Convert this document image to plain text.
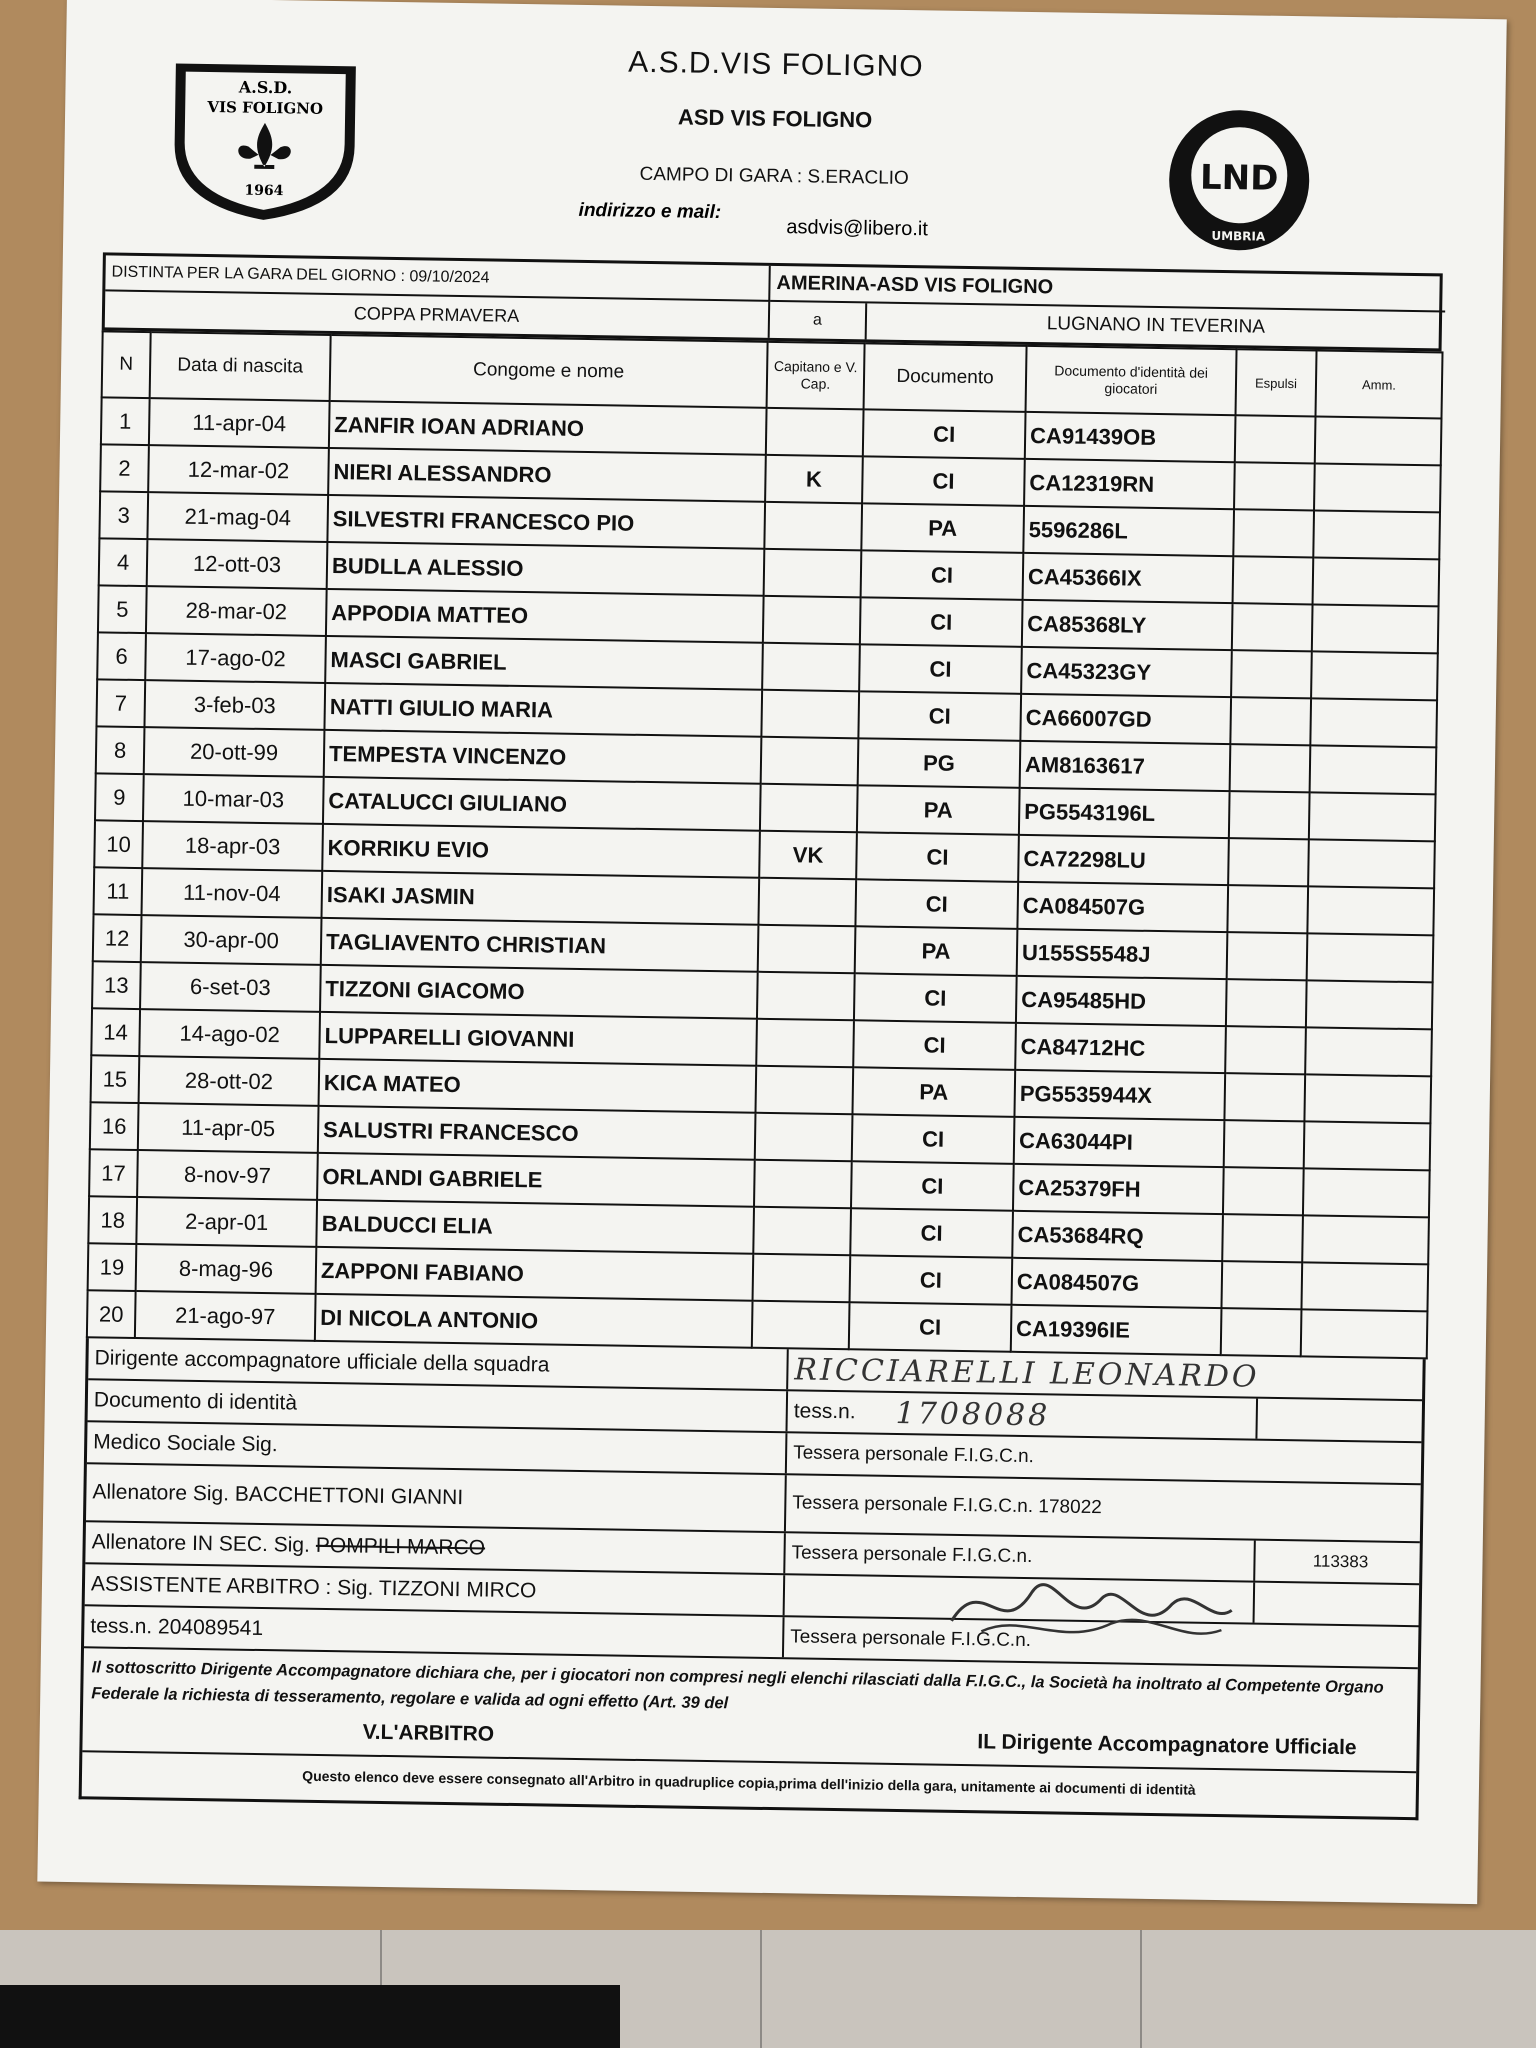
A.S.D.
VIS FOLIGNO
1964	LND
UMBRIA
A.S.D.VIS FOLIGNO
ASD VIS FOLIGNO
CAMPO DI GARA : S.ERACLIO
indirizzo e mail:
asdvis@libero.it
DISTINTA PER LA GARA DEL GIORNO : 09/10/2024	AMERINA-ASD VIS FOLIGNO
COPPA PRMAVERA	a	LUGNANO IN TEVERINA
N	Data di nascita	Congome e nome	Capitano e V. Cap.	Documento	Documento d'identità dei giocatori	Espulsi	Amm.
1	11-apr-04	ZANFIR IOAN ADRIANO		CI	CA91439OB		
2	12-mar-02	NIERI ALESSANDRO	K	CI	CA12319RN		
3	21-mag-04	SILVESTRI FRANCESCO PIO		PA	5596286L		
4	12-ott-03	BUDLLA ALESSIO		CI	CA45366IX		
5	28-mar-02	APPODIA MATTEO		CI	CA85368LY		
6	17-ago-02	MASCI GABRIEL		CI	CA45323GY		
7	3-feb-03	NATTI GIULIO MARIA		CI	CA66007GD		
8	20-ott-99	TEMPESTA VINCENZO		PG	AM8163617		
9	10-mar-03	CATALUCCI GIULIANO		PA	PG5543196L		
10	18-apr-03	KORRIKU EVIO	VK	CI	CA72298LU		
11	11-nov-04	ISAKI JASMIN		CI	CA084507G		
12	30-apr-00	TAGLIAVENTO CHRISTIAN		PA	U155S5548J		
13	6-set-03	TIZZONI GIACOMO		CI	CA95485HD		
14	14-ago-02	LUPPARELLI GIOVANNI		CI	CA84712HC		
15	28-ott-02	KICA MATEO		PA	PG5535944X		
16	11-apr-05	SALUSTRI FRANCESCO		CI	CA63044PI		
17	8-nov-97	ORLANDI GABRIELE		CI	CA25379FH		
18	2-apr-01	BALDUCCI ELIA		CI	CA53684RQ		
19	8-mag-96	ZAPPONI FABIANO		CI	CA084507G		
20	21-ago-97	DI NICOLA ANTONIO		CI	CA19396IE		
Dirigente accompagnatore ufficiale della squadra	RICCIARELLI LEONARDO
Documento di identità	tess.n. 1708088
Medico Sociale Sig.	Tessera personale F.I.G.C.n.
Allenatore Sig. BACCHETTONI GIANNI	Tessera personale F.I.G.C.n. 178022
Allenatore IN SEC. Sig. POMPILI MARCO	Tessera personale F.I.G.C.n.	113383
ASSISTENTE ARBITRO : Sig. TIZZONI MIRCO
tess.n. 204089541	Tessera personale F.I.G.C.n.
Il sottoscritto Dirigente Accompagnatore dichiara che, per i giocatori non compresi negli elenchi rilasciati dalla F.I.G.C., la Società ha inoltrato al Competente Organo Federale la richiesta di tesseramento, regolare e valida ad ogni effetto (Art. 39 del
V.L'ARBITRO	IL Dirigente Accompagnatore Ufficiale
Questo elenco deve essere consegnato all'Arbitro in quadruplice copia,prima dell'inizio della gara, unitamente ai documenti di identità
